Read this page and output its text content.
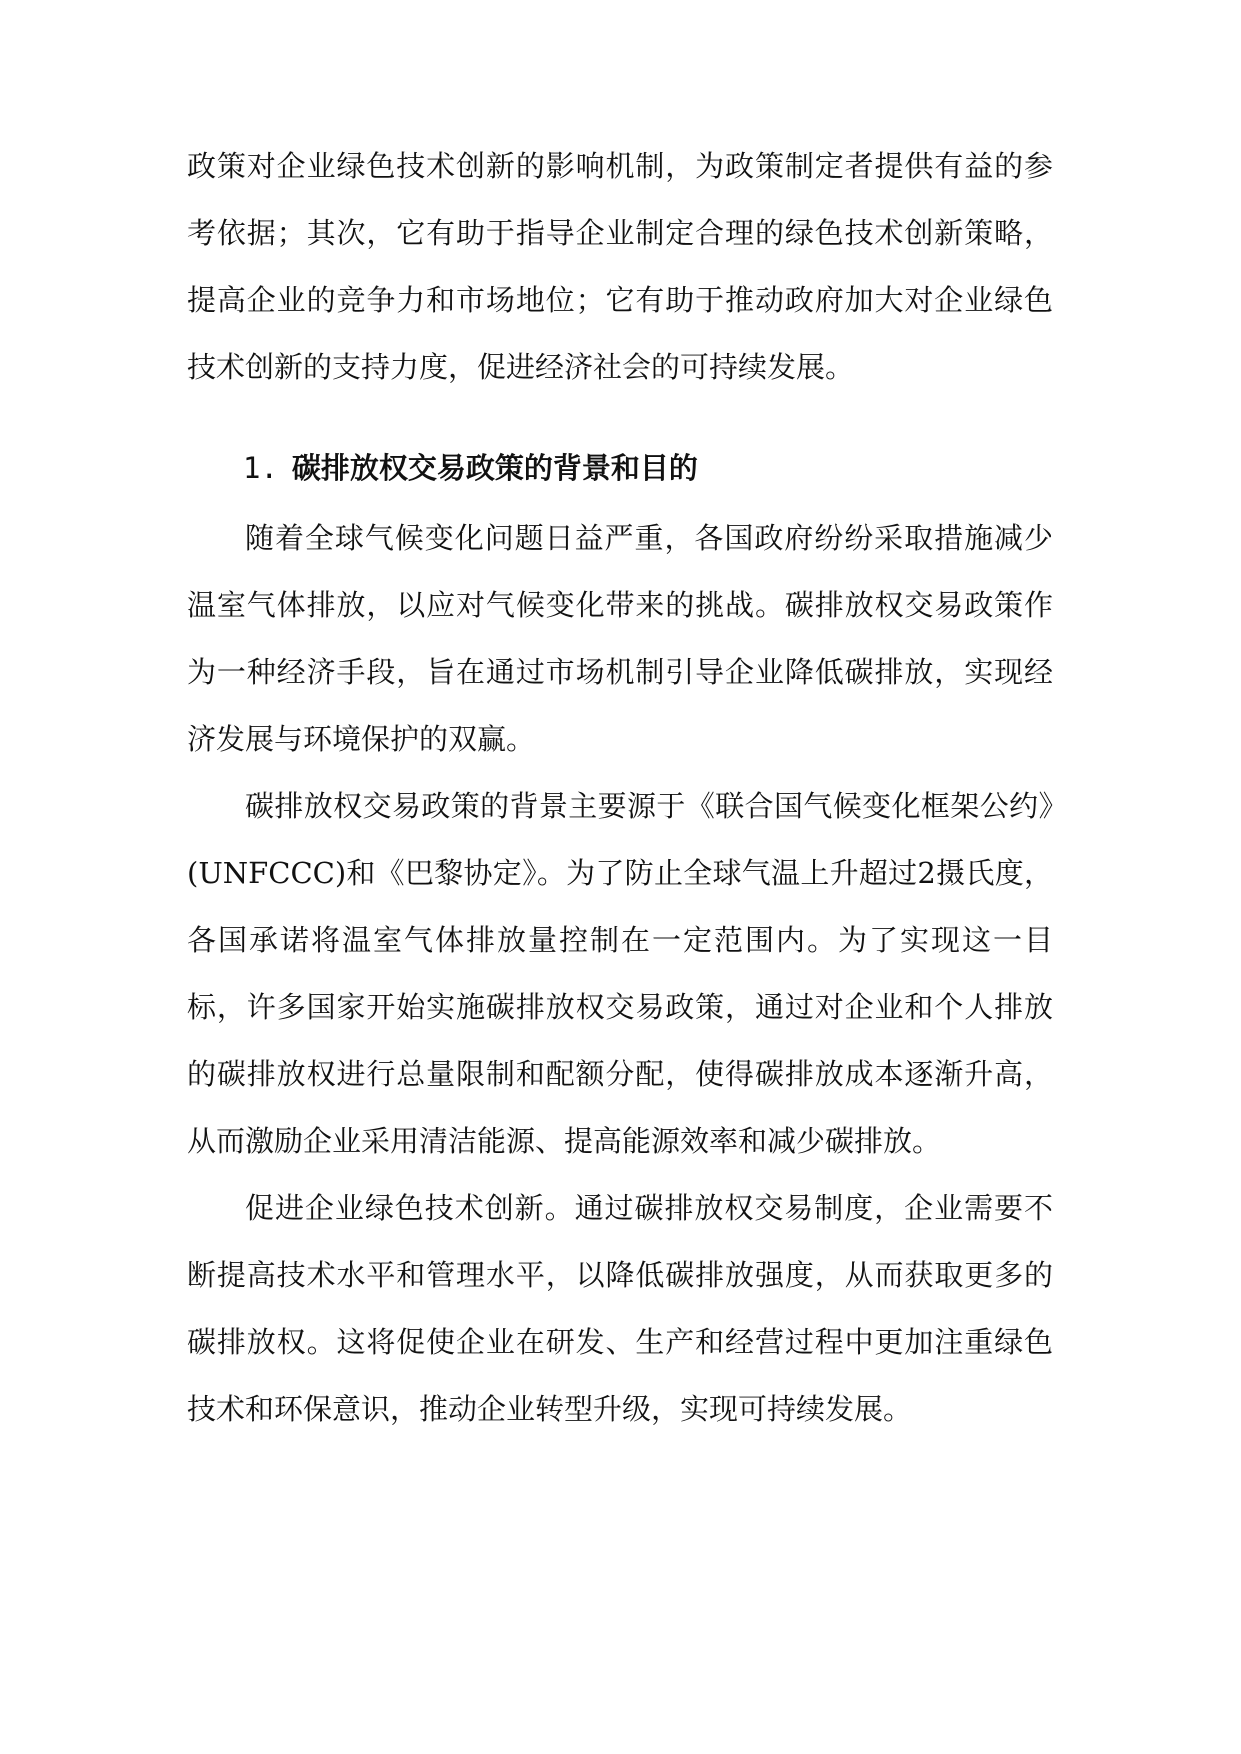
政策对企业绿色技术创新的影响机制，为政策制定者提供有益的参考依据；其次，它有助于指导企业制定合理的绿色技术创新策略，提高企业的竞争力和市场地位；它有助于推动政府加大对企业绿色技术创新的支持力度，促进经济社会的可持续发展。

1. 碳排放权交易政策的背景和目的

随着全球气候变化问题日益严重，各国政府纷纷采取措施减少温室气体排放，以应对气候变化带来的挑战。碳排放权交易政策作为一种经济手段，旨在通过市场机制引导企业降低碳排放，实现经济发展与环境保护的双赢。

碳排放权交易政策的背景主要源于《联合国气候变化框架公约》(UNFCCC)和《巴黎协定》。为了防止全球气温上升超过2摄氏度，各国承诺将温室气体排放量控制在一定范围内。为了实现这一目标，许多国家开始实施碳排放权交易政策，通过对企业和个人排放的碳排放权进行总量限制和配额分配，使得碳排放成本逐渐升高，从而激励企业采用清洁能源、提高能源效率和减少碳排放。

促进企业绿色技术创新。通过碳排放权交易制度，企业需要不断提高技术水平和管理水平，以降低碳排放强度，从而获取更多的碳排放权。这将促使企业在研发、生产和经营过程中更加注重绿色技术和环保意识，推动企业转型升级，实现可持续发展。
